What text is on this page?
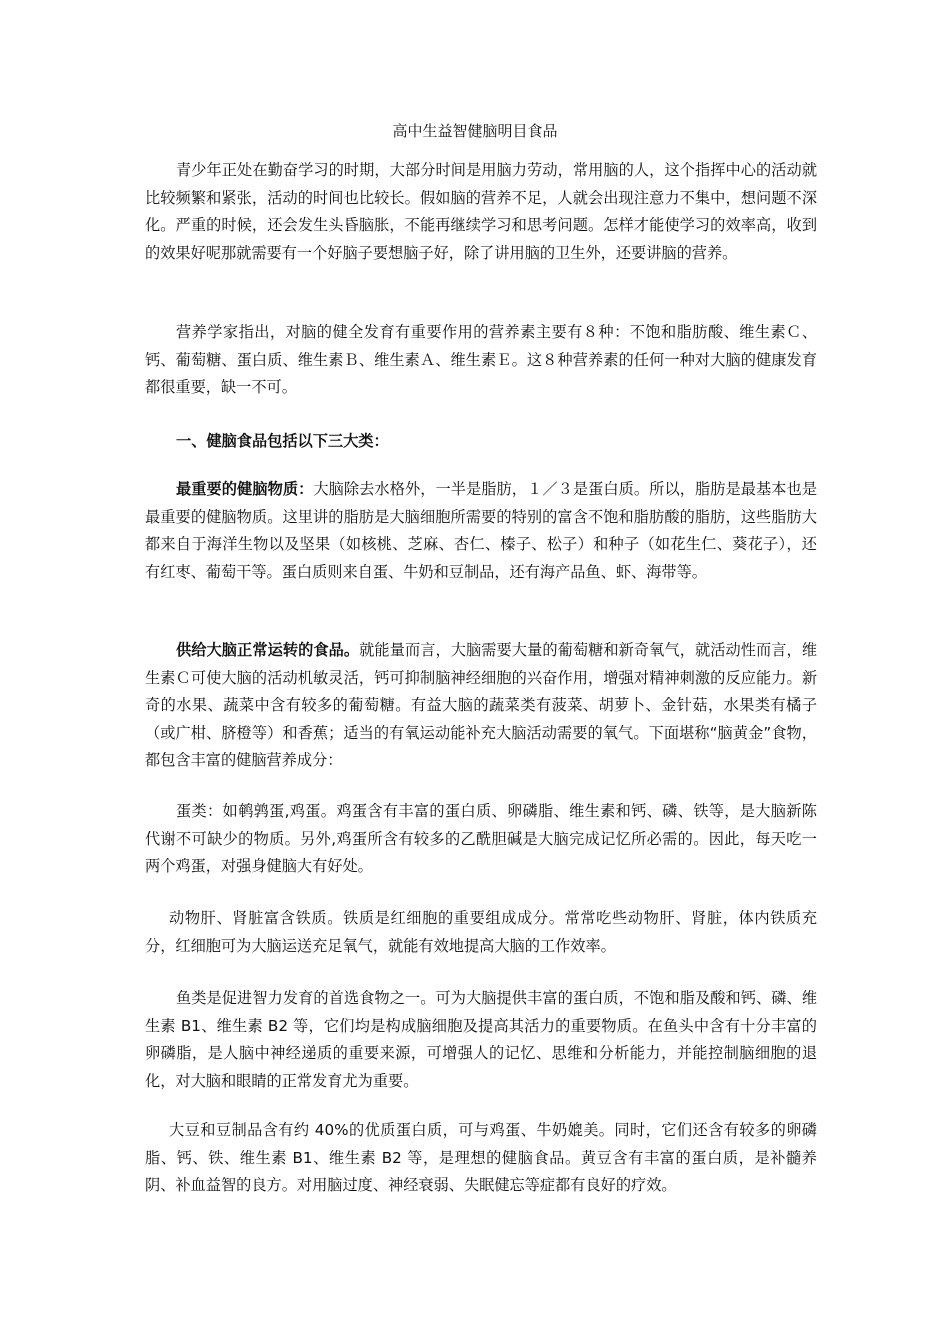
高中生益智健脑明目食品

青少年正处在勤奋学习的时期，大部分时间是用脑力劳动，常用脑的人，这个指挥中心的活动就比较频繁和紧张，活动的时间也比较长。假如脑的营养不足，人就会出现注意力不集中，想问题不深化。严重的时候，还会发生头昏脑胀，不能再继续学习和思考问题。怎样才能使学习的效率高，收到的效果好呢那就需要有一个好脑子要想脑子好，除了讲用脑的卫生外，还要讲脑的营养。

营养学家指出，对脑的健全发育有重要作用的营养素主要有８种：不饱和脂肪酸、维生素Ｃ、钙、葡萄糖、蛋白质、维生素Ｂ、维生素Ａ、维生素Ｅ。这８种营养素的任何一种对大脑的健康发育都很重要，缺一不可。

一、健脑食品包括以下三大类：

最重要的健脑物质：大脑除去水格外，一半是脂肪，１／３是蛋白质。所以，脂肪是最基本也是最重要的健脑物质。这里讲的脂肪是大脑细胞所需要的特别的富含不饱和脂肪酸的脂肪，这些脂肪大都来自于海洋生物以及坚果（如核桃、芝麻、杏仁、榛子、松子）和种子（如花生仁、葵花子），还有红枣、葡萄干等。蛋白质则来自蛋、牛奶和豆制品，还有海产品鱼、虾、海带等。

供给大脑正常运转的食品。就能量而言，大脑需要大量的葡萄糖和新奇氧气，就活动性而言，维生素Ｃ可使大脑的活动机敏灵活，钙可抑制脑神经细胞的兴奋作用，增强对精神刺激的反应能力。新奇的水果、蔬菜中含有较多的葡萄糖。有益大脑的蔬菜类有菠菜、胡萝卜、金针菇，水果类有橘子（或广柑、脐橙等）和香蕉；适当的有氧运动能补充大脑活动需要的氧气。下面堪称“脑黄金”食物，都包含丰富的健脑营养成分：

蛋类：如鹌鹑蛋,鸡蛋。鸡蛋含有丰富的蛋白质、卵磷脂、维生素和钙、磷、铁等，是大脑新陈代谢不可缺少的物质。另外,鸡蛋所含有较多的乙酰胆碱是大脑完成记忆所必需的。因此，每天吃一两个鸡蛋，对强身健脑大有好处。

动物肝、肾脏富含铁质。铁质是红细胞的重要组成成分。常常吃些动物肝、肾脏，体内铁质充分，红细胞可为大脑运送充足氧气，就能有效地提高大脑的工作效率。

鱼类是促进智力发育的首选食物之一。可为大脑提供丰富的蛋白质，不饱和脂及酸和钙、磷、维生素 B1、维生素 B2 等，它们均是构成脑细胞及提高其活力的重要物质。在鱼头中含有十分丰富的卵磷脂，是人脑中神经递质的重要来源，可增强人的记忆、思维和分析能力，并能控制脑细胞的退化，对大脑和眼睛的正常发育尤为重要。

大豆和豆制品含有约 40%的优质蛋白质，可与鸡蛋、牛奶媲美。同时，它们还含有较多的卵磷脂、钙、铁、维生素 B1、维生素 B2 等，是理想的健脑食品。黄豆含有丰富的蛋白质，是补髓养阴、补血益智的良方。对用脑过度、神经衰弱、失眠健忘等症都有良好的疗效。
